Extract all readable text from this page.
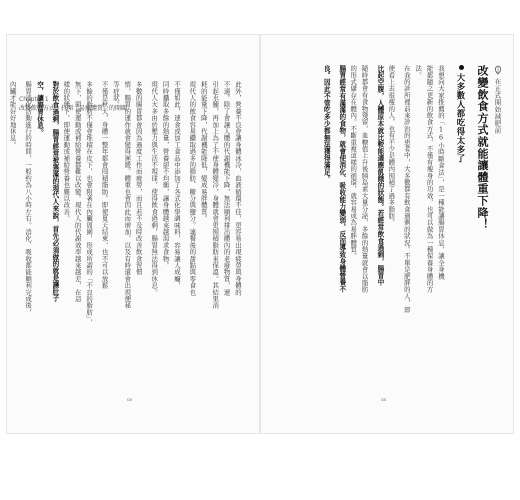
Chapter 1
改變飲食方式，打開「易瘦體質」的開關	此外，營養不良會讓身體冰冷，血液循環不佳，更容易出現疲勞與身體的
不適。除了會讓人體的代謝機能下降，無法順利排出體內的老廢物質，還
引起水腫，再加上為了不使身體變冷，身體就會更囤積脂肪來保溫。其結果消
耗的能量下降，代謝機能降低，變成易胖體質。
現代人的飲食容易攝取過多的脂肪、糖分與鹽分。連餐後的甜點與零食也
不僅如此，速食或加工食品中添加了各式化學調味料，容易讓人成癮，
同時攝取多餘的熱量，營養卻不均衡，讓身體越來越渴求食物。
現代人大多由於壓力與生活不規律，使得飲食過剩，腸胃無法得到休息。
多數的腸胃都會因為過度工作而疲勞，而且若不及時改善飲食習慣
惰，腸胃的運作就會變得遲緩。體重也會因此而增加，以及有時還會出現便秘
等症狀。
不僅是秋天，身體一整年都會囤積脂肪。即使夏天結束，也不可以放鬆
多餘的脂肪不僅會堆積在皮下，也會附著在內臟周圍，形成所謂的「不良的脂肪」，
無下，即使運動或補給營養都難以改變。現代人的代謝效率越來越差，在這
樣的狀態下，即使運動或補給營養也難以改善。
對於飲食過剩，腸胃經常被塞滿的現代人來說，首先必須做的就是讓肚子
空，讓腸胃休息。
腸胃消化活動進行的時間，一般約為八小時左右。消化、吸收都能順利完成後，
內臟才能好好地休息。
ox
在正式開始減肥前
改變飲食方式就能讓體重下降！
大多數人都吃得太多了
我想向大家推薦的「16小時斷食法」，是一種能讓腸胃休息，讓全身機
能都隨之更新的飲食方式，不僅有瘦身的功效，也可以做為一種保養身體的方
法。
在我的診所裡前來診治的患者中，大多數都有飲食過剩的狀況。不單是肥胖的人，即
使看上去很瘦的人，也有不少是體內囤積了過多脂肪。
比起空腹，人體原本就比較能適應飢餓的狀態。若經常飲食過剩，腸胃中
隨時都會有食物殘留，血糖值上升後胰島素大量分泌，多餘的熱量就會以脂肪
的形式儲存在體內。不斷重複這樣的循環，就容易成為易胖體質。
腸胃經常有滿滿的食物，就會使消化、吸收能力變弱，反而導致身體營養不
良。因此不管吃多少都無法獲得滿足。
ox
